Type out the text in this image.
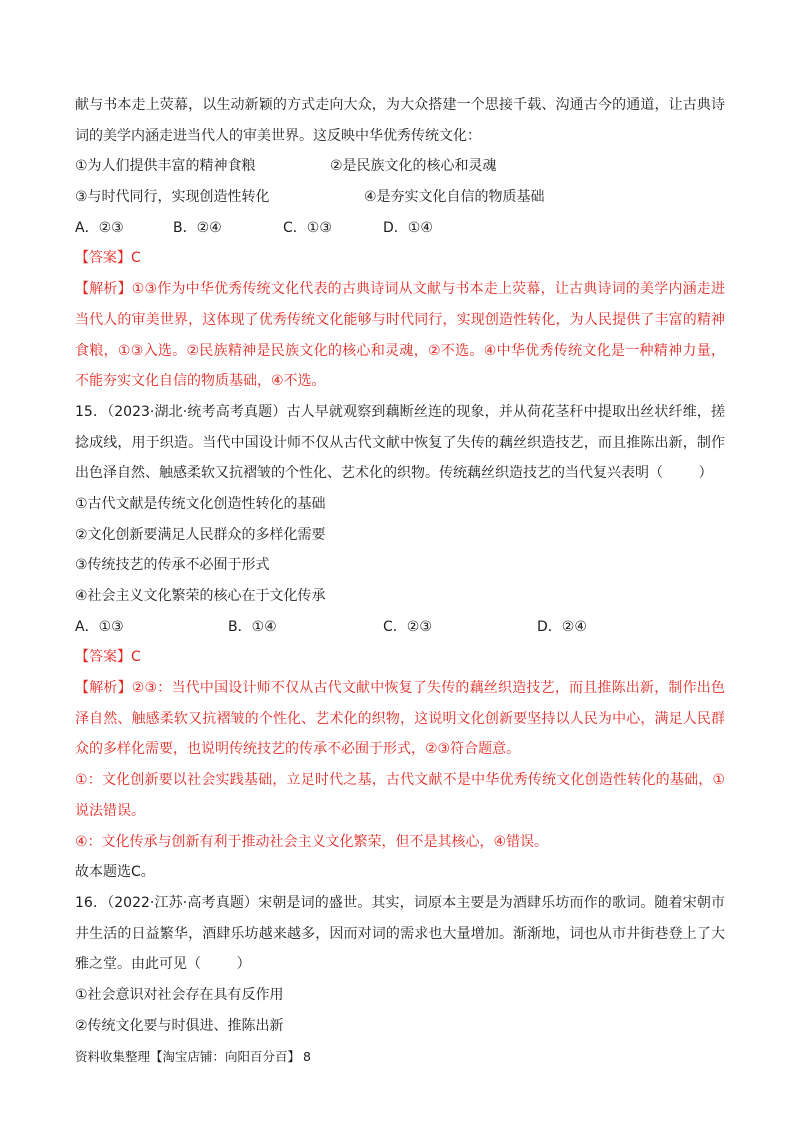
献与书本走上荧幕，以生动新颖的方式走向大众，为大众搭建一个思接千载、沟通古今的通道，让古典诗
词的美学内涵走进当代人的审美世界。这反映中华优秀传统文化：
①为人们提供丰富的精神食粮	②是民族文化的核心和灵魂
③与时代同行，实现创造性转化	④是夯实文化自信的物质基础
A．②③	B．②④	C．①③	D．①④
【答案】C
【解析】①③作为中华优秀传统文化代表的古典诗词从文献与书本走上荧幕，让古典诗词的美学内涵走进
当代人的审美世界，这体现了优秀传统文化能够与时代同行，实现创造性转化，为人民提供了丰富的精神
食粮，①③入选。②民族精神是民族文化的核心和灵魂，②不选。④中华优秀传统文化是一种精神力量，
不能夯实文化自信的物质基础，④不选。
15．（2023·湖北·统考高考真题）古人早就观察到藕断丝连的现象，并从荷花茎秆中提取出丝状纤维，搓
捻成线，用于织造。当代中国设计师不仅从古代文献中恢复了失传的藕丝织造技艺，而且推陈出新，制作
出色泽自然、触感柔软又抗褶皱的个性化、艺术化的织物。传统藕丝织造技艺的当代复兴表明（        ）
①古代文献是传统文化创造性转化的基础
②文化创新要满足人民群众的多样化需要
③传统技艺的传承不必囿于形式
④社会主义文化繁荣的核心在于文化传承
A．①③	B．①④	C．②③	D．②④
【答案】C
【解析】②③：当代中国设计师不仅从古代文献中恢复了失传的藕丝织造技艺，而且推陈出新，制作出色
泽自然、触感柔软又抗褶皱的个性化、艺术化的织物，这说明文化创新要坚持以人民为中心，满足人民群
众的多样化需要，也说明传统技艺的传承不必囿于形式，②③符合题意。
①：文化创新要以社会实践基础，立足时代之基，古代文献不是中华优秀传统文化创造性转化的基础，①
说法错误。
④：文化传承与创新有利于推动社会主义文化繁荣，但不是其核心，④错误。
故本题选C。
16．（2022·江苏·高考真题）宋朝是词的盛世。其实，词原本主要是为酒肆乐坊而作的歌词。随着宋朝市
井生活的日益繁华，酒肆乐坊越来越多，因而对词的需求也大量增加。渐渐地，词也从市井街巷登上了大
雅之堂。由此可见（        ）
①社会意识对社会存在具有反作用
②传统文化要与时俱进、推陈出新
资料收集整理【淘宝店铺：向阳百分百】 8
